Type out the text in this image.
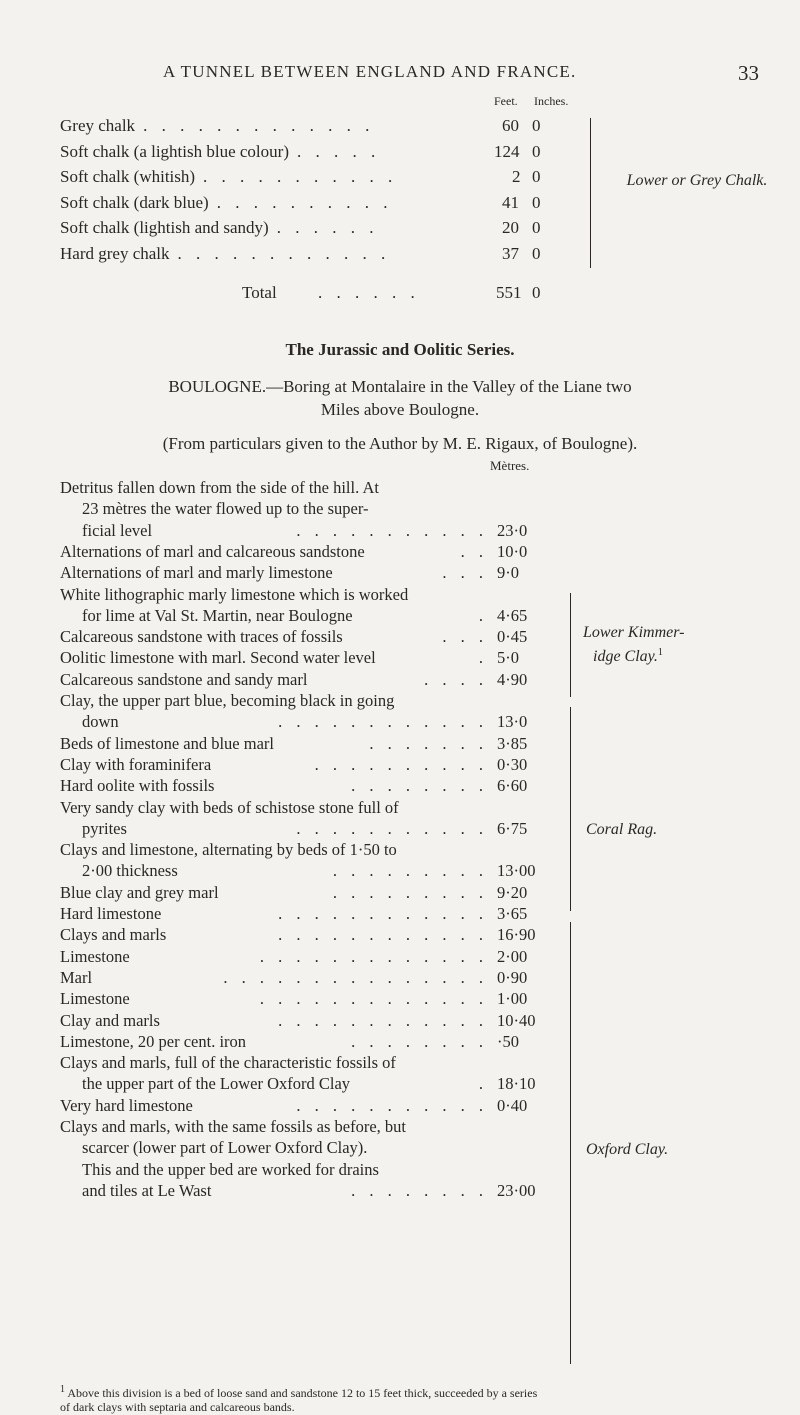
A TUNNEL BETWEEN ENGLAND AND FRANCE.	33
Feet. Inches.
Grey chalk	60 0
. . . . . . . . . . . . .
Soft chalk (a lightish blue colour)	124 0
. . . . .
Soft chalk (whitish)	2 0
. . . . . . . . . . .
Soft chalk (dark blue)	41 0
. . . . . . . . . .
Soft chalk (lightish and sandy)	20 0
. . . . . .
Hard grey chalk	37 0
. . . . . . . . . . . .
Lower or Grey Chalk.
Total . . . . . .	551 0
The Jurassic and Oolitic Series.
BOULOGNE.—Boring at Montalaire in the Valley of the Liane two
Miles above Boulogne.
(From particulars given to the Author by M. E. Rigaux, of Boulogne).
Mètres.
Detritus fallen down from the side of the hill. At
23 mètres the water flowed up to the super-
ficial level	. . . . . . . . . . . 23·0
Alternations of marl and calcareous sandstone	. . 10·0
Alternations of marl and marly limestone	. . . 9·0
White lithographic marly limestone which is worked
for lime at Val St. Martin, near Boulogne	. 4·65
Calcareous sandstone with traces of fossils	. . . 0·45
Oolitic limestone with marl. Second water level	. 5·0
Calcareous sandstone and sandy marl	. . . . 4·90
Clay, the upper part blue, becoming black in going
down	. . . . . . . . . . . . 13·0
Beds of limestone and blue marl	. . . . . . . 3·85
Clay with foraminifera	. . . . . . . . . . 0·30
Hard oolite with fossils	. . . . . . . . 6·60
Very sandy clay with beds of schistose stone full of
pyrites	. . . . . . . . . . . 6·75
Clays and limestone, alternating by beds of 1·50 to
2·00 thickness	. . . . . . . . . 13·00
Blue clay and grey marl	. . . . . . . . . 9·20
Hard limestone	. . . . . . . . . . . . 3·65
Clays and marls	. . . . . . . . . . . . 16·90
Limestone	. . . . . . . . . . . . . 2·00
Marl	. . . . . . . . . . . . . . . 0·90
Limestone	. . . . . . . . . . . . . 1·00
Clay and marls	. . . . . . . . . . . . 10·40
Limestone, 20 per cent. iron	. . . . . . . . ·50
Clays and marls, full of the characteristic fossils of
the upper part of the Lower Oxford Clay	. 18·10
Very hard limestone	. . . . . . . . . . . 0·40
Clays and marls, with the same fossils as before, but
scarcer (lower part of Lower Oxford Clay).
This and the upper bed are worked for drains
and tiles at Le Wast	. . . . . . . . 23·00
Lower Kimmer-
idge Clay.$^1$
Coral Rag.
Oxford Clay.
$^1$ Above this division is a bed of loose sand and sandstone 12 to 15 feet thick, succeeded by a series
of dark clays with septaria and calcareous bands.
